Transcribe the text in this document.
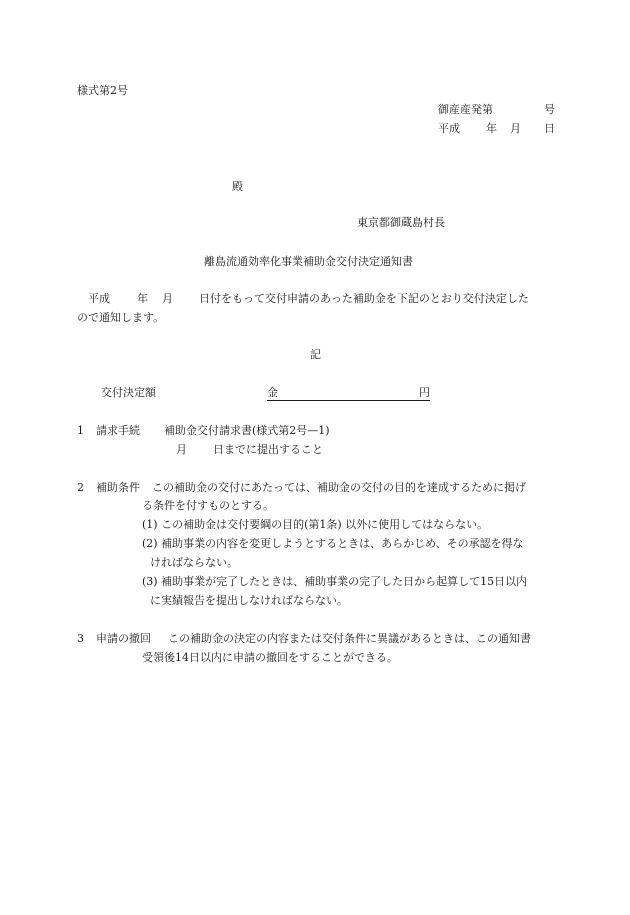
様式第2号
御産産発第	号
平成 年 月 日
殿
東京都御蔵島村長
離島流通効率化事業補助金交付決定通知書
平成 年 月 日付をもって交付申請のあった補助金を下記のとおり交付決定した
ので通知します。
記
交付決定額	金	円
1 請求手続 補助金交付請求書(様式第2号—1)
月 日までに提出すること
2 補助条件 この補助金の交付にあたっては、補助金の交付の目的を達成するために掲げ
る条件を付すものとする。
(1) この補助金は交付要綱の目的(第1条) 以外に使用してはならない。
(2) 補助事業の内容を変更しようとするときは、あらかじめ、その承認を得な
ければならない。
(3) 補助事業が完了したときは、補助事業の完了した日から起算して15日以内
に実績報告を提出しなければならない。
3 申請の撤回 この補助金の決定の内容または交付条件に異議があるときは、この通知書
受領後14日以内に申請の撤回をすることができる。
